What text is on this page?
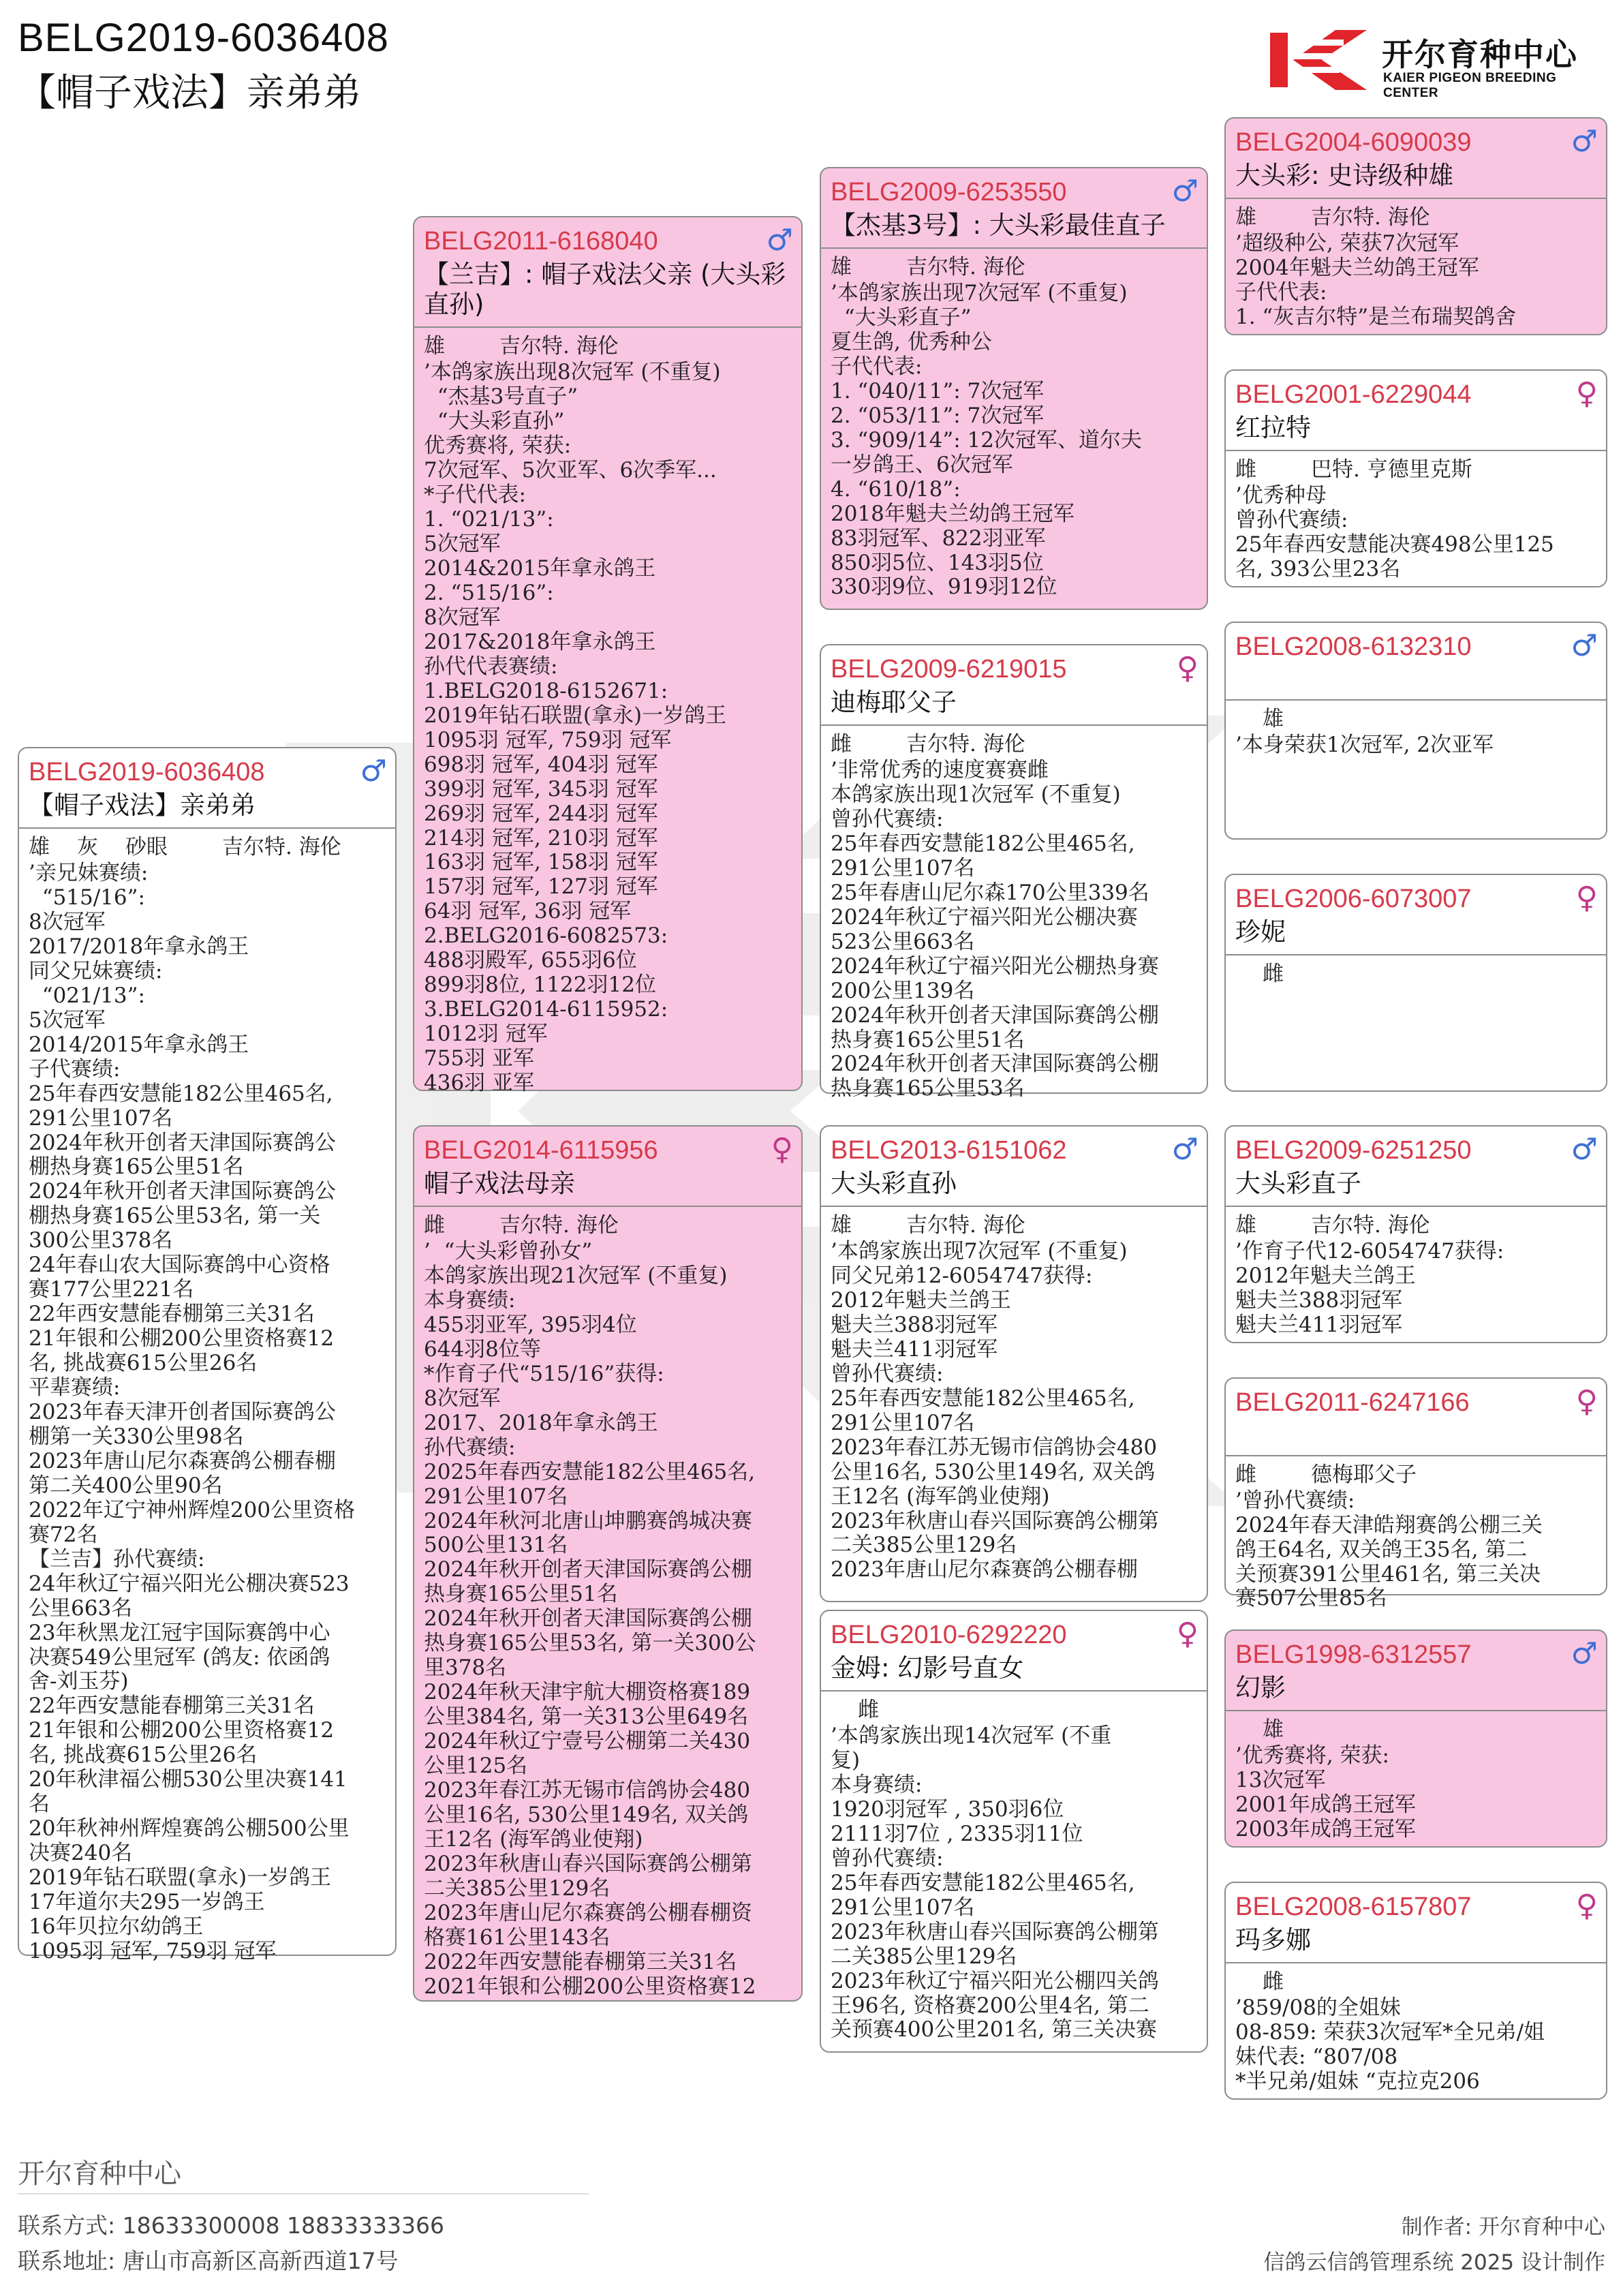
BELG2019-6036408
【帽子戏法】亲弟弟
开尔育种中心
KAIER PIGEON BREEDING CENTER
BELG2019-6036408	♂
【帽子戏法】亲弟弟
雄 灰 砂眼	吉尔特. 海伦
’亲兄妹赛绩:
“515/16”:
8次冠军
2017/2018年拿永鸽王
同父兄妹赛绩:
“021/13”:
5次冠军
2014/2015年拿永鸽王
子代赛绩:
25年春西安慧能182公里465名,
291公里107名
2024年秋开创者天津国际赛鸽公
棚热身赛165公里51名
2024年秋开创者天津国际赛鸽公
棚热身赛165公里53名, 第一关
300公里378名
24年春山农大国际赛鸽中心资格
赛177公里221名
22年西安慧能春棚第三关31名
21年银和公棚200公里资格赛12
名, 挑战赛615公里26名
平辈赛绩:
2023年春天津开创者国际赛鸽公
棚第一关330公里98名
2023年唐山尼尔森赛鸽公棚春棚
第二关400公里90名
2022年辽宁神州辉煌200公里资格
赛72名
【兰吉】孙代赛绩:
24年秋辽宁福兴阳光公棚决赛523
公里663名
23年秋黑龙江冠宇国际赛鸽中心
决赛549公里冠军 (鸽友: 依函鸽
舍-刘玉芬)
22年西安慧能春棚第三关31名
21年银和公棚200公里资格赛12
名, 挑战赛615公里26名
20年秋津福公棚530公里决赛141
名
20年秋神州辉煌赛鸽公棚500公里
决赛240名
2019年钻石联盟(拿永)一岁鸽王
17年道尔夫295一岁鸽王
16年贝拉尔幼鸽王
1095羽 冠军, 759羽 冠军
BELG2011-6168040	♂
【兰吉】: 帽子戏法父亲 (大头彩直孙)
雄	吉尔特. 海伦
’本鸽家族出现8次冠军 (不重复)
“杰基3号直子”
“大头彩直孙”
优秀赛将, 荣获:
7次冠军、5次亚军、6次季军...
*子代代表:
1. “021/13”:
5次冠军
2014&2015年拿永鸽王
2. “515/16”:
8次冠军
2017&2018年拿永鸽王
孙代代表赛绩:
1.BELG2018-6152671:
2019年钻石联盟(拿永)一岁鸽王
1095羽 冠军, 759羽 冠军
698羽 冠军, 404羽 冠军
399羽 冠军, 345羽 冠军
269羽 冠军, 244羽 冠军
214羽 冠军, 210羽 冠军
163羽 冠军, 158羽 冠军
157羽 冠军, 127羽 冠军
64羽 冠军, 36羽 冠军
2.BELG2016-6082573:
488羽殿军, 655羽6位
899羽8位, 1122羽12位
3.BELG2014-6115952:
1012羽 冠军
755羽 亚军
436羽 亚军
BELG2014-6115956	♀
帽子戏法母亲
雌	吉尔特. 海伦
’  “大头彩曾孙女”
本鸽家族出现21次冠军 (不重复)
本身赛绩:
455羽亚军, 395羽4位
644羽8位等
*作育子代“515/16”获得:
8次冠军
2017、2018年拿永鸽王
孙代赛绩:
2025年春西安慧能182公里465名,
291公里107名
2024年秋河北唐山坤鹏赛鸽城决赛
500公里131名
2024年秋开创者天津国际赛鸽公棚
热身赛165公里51名
2024年秋开创者天津国际赛鸽公棚
热身赛165公里53名, 第一关300公
里378名
2024年秋天津宇航大棚资格赛189
公里384名, 第一关313公里649名
2024年秋辽宁壹号公棚第二关430
公里125名
2023年春江苏无锡市信鸽协会480
公里16名, 530公里149名, 双关鸽
王12名 (海军鸽业使翔)
2023年秋唐山春兴国际赛鸽公棚第
二关385公里129名
2023年唐山尼尔森赛鸽公棚春棚资
格赛161公里143名
2022年西安慧能春棚第三关31名
2021年银和公棚200公里资格赛12
BELG2009-6253550	♂
【杰基3号】: 大头彩最佳直子
雄	吉尔特. 海伦
’本鸽家族出现7次冠军 (不重复)
“大头彩直子”
夏生鸽, 优秀种公
子代代表:
1. “040/11”: 7次冠军
2. “053/11”: 7次冠军
3. “909/14”: 12次冠军、道尔夫
一岁鸽王、6次冠军
4. “610/18”:
2018年魁夫兰幼鸽王冠军
83羽冠军、822羽亚军
850羽5位、143羽5位
330羽9位、919羽12位
BELG2009-6219015	♀
迪梅耶父子
雌	吉尔特. 海伦
’非常优秀的速度赛赛雌
本鸽家族出现1次冠军 (不重复)
曾孙代赛绩:
25年春西安慧能182公里465名,
291公里107名
25年春唐山尼尔森170公里339名
2024年秋辽宁福兴阳光公棚决赛
523公里663名
2024年秋辽宁福兴阳光公棚热身赛
200公里139名
2024年秋开创者天津国际赛鸽公棚
热身赛165公里51名
2024年秋开创者天津国际赛鸽公棚
热身赛165公里53名
BELG2013-6151062	♂
大头彩直孙
雄	吉尔特. 海伦
’本鸽家族出现7次冠军 (不重复)
同父兄弟12-6054747获得:
2012年魁夫兰鸽王
魁夫兰388羽冠军
魁夫兰411羽冠军
曾孙代赛绩:
25年春西安慧能182公里465名,
291公里107名
2023年春江苏无锡市信鸽协会480
公里16名, 530公里149名, 双关鸽
王12名 (海军鸽业使翔)
2023年秋唐山春兴国际赛鸽公棚第
二关385公里129名
2023年唐山尼尔森赛鸽公棚春棚
BELG2010-6292220	♀
金姆: 幻影号直女
雌
’本鸽家族出现14次冠军 (不重
复)
本身赛绩:
1920羽冠军 , 350羽6位
2111羽7位 , 2335羽11位
曾孙代赛绩:
25年春西安慧能182公里465名,
291公里107名
2023年秋唐山春兴国际赛鸽公棚第
二关385公里129名
2023年秋辽宁福兴阳光公棚四关鸽
王96名, 资格赛200公里4名, 第二
关预赛400公里201名, 第三关决赛
BELG2004-6090039	♂
大头彩: 史诗级种雄
雄	吉尔特. 海伦
’超级种公, 荣获7次冠军
2004年魁夫兰幼鸽王冠军
子代代表:
1. “灰吉尔特”是兰布瑞契鸽舍
BELG2001-6229044	♀
红拉特
雌	巴特. 亨德里克斯
’优秀种母
曾孙代赛绩:
25年春西安慧能决赛498公里125
名, 393公里23名
BELG2008-6132310	♂
雄
’本身荣获1次冠军, 2次亚军
BELG2006-6073007	♀
珍妮
雌
BELG2009-6251250	♂
大头彩直子
雄	吉尔特. 海伦
’作育子代12-6054747获得:
2012年魁夫兰鸽王
魁夫兰388羽冠军
魁夫兰411羽冠军
BELG2011-6247166	♀
雌	德梅耶父子
’曾孙代赛绩:
2024年春天津皓翔赛鸽公棚三关
鸽王64名, 双关鸽王35名, 第二
关预赛391公里461名, 第三关决
赛507公里85名
BELG1998-6312557	♂
幻影
雄
’优秀赛将, 荣获:
13次冠军
2001年成鸽王冠军
2003年成鸽王冠军
BELG2008-6157807	♀
玛多娜
雌
’859/08的全姐妹
08-859: 荣获3次冠军*全兄弟/姐
妹代表: “807/08
*半兄弟/姐妹 “克拉克206
开尔育种中心
联系方式: 18633300008 18833333366
联系地址: 唐山市高新区高新西道17号
制作者: 开尔育种中心
信鸽云信鸽管理系统 2025 设计制作
